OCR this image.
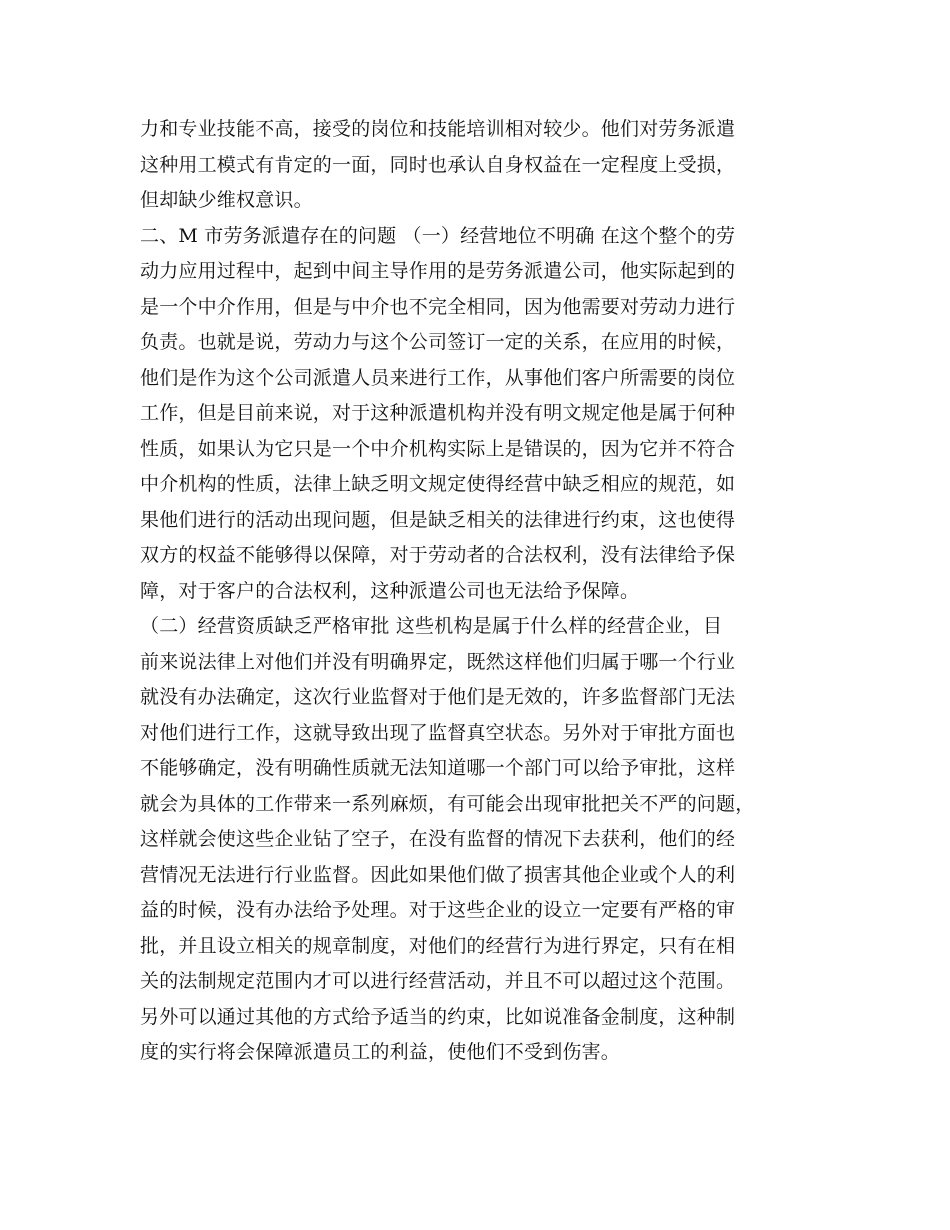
力和专业技能不高，接受的岗位和技能培训相对较少。他们对劳务派遣
这种用工模式有肯定的一面，同时也承认自身权益在一定程度上受损，
但却缺少维权意识。
二、M 市劳务派遣存在的问题 （一）经营地位不明确 在这个整个的劳
动力应用过程中，起到中间主导作用的是劳务派遣公司，他实际起到的
是一个中介作用，但是与中介也不完全相同，因为他需要对劳动力进行
负责。也就是说，劳动力与这个公司签订一定的关系，在应用的时候，
他们是作为这个公司派遣人员来进行工作，从事他们客户所需要的岗位
工作，但是目前来说，对于这种派遣机构并没有明文规定他是属于何种
性质，如果认为它只是一个中介机构实际上是错误的，因为它并不符合
中介机构的性质，法律上缺乏明文规定使得经营中缺乏相应的规范，如
果他们进行的活动出现问题，但是缺乏相关的法律进行约束，这也使得
双方的权益不能够得以保障，对于劳动者的合法权利，没有法律给予保
障，对于客户的合法权利，这种派遣公司也无法给予保障。
（二）经营资质缺乏严格审批 这些机构是属于什么样的经营企业，目
前来说法律上对他们并没有明确界定，既然这样他们归属于哪一个行业
就没有办法确定，这次行业监督对于他们是无效的，许多监督部门无法
对他们进行工作，这就导致出现了监督真空状态。另外对于审批方面也
不能够确定，没有明确性质就无法知道哪一个部门可以给予审批，这样
就会为具体的工作带来一系列麻烦，有可能会出现审批把关不严的问题，
这样就会使这些企业钻了空子，在没有监督的情况下去获利，他们的经
营情况无法进行行业监督。因此如果他们做了损害其他企业或个人的利
益的时候，没有办法给予处理。对于这些企业的设立一定要有严格的审
批，并且设立相关的规章制度，对他们的经营行为进行界定，只有在相
关的法制规定范围内才可以进行经营活动，并且不可以超过这个范围。
另外可以通过其他的方式给予适当的约束，比如说准备金制度，这种制
度的实行将会保障派遣员工的利益，使他们不受到伤害。
